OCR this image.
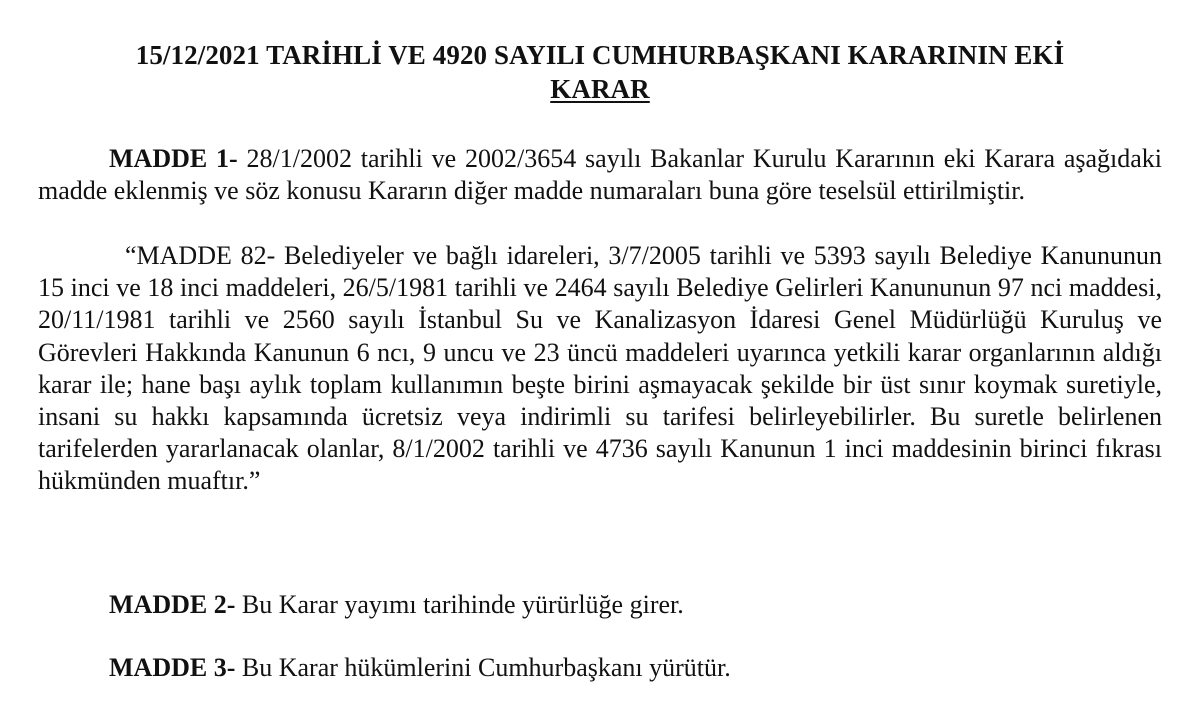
15/12/2021 TARİHLİ VE 4920 SAYILI CUMHURBAŞKANI KARARININ EKİ
KARAR

MADDE 1- 28/1/2002 tarihli ve 2002/3654 sayılı Bakanlar Kurulu Kararının eki Karara aşağıdaki madde eklenmiş ve söz konusu Kararın diğer madde numaraları buna göre teselsül ettirilmiştir.

“MADDE 82- Belediyeler ve bağlı idareleri, 3/7/2005 tarihli ve 5393 sayılı Belediye Kanununun 15 inci ve 18 inci maddeleri, 26/5/1981 tarihli ve 2464 sayılı Belediye Gelirleri Kanununun 97 nci maddesi, 20/11/1981 tarihli ve 2560 sayılı İstanbul Su ve Kanalizasyon İdaresi Genel Müdürlüğü Kuruluş ve Görevleri Hakkında Kanunun 6 ncı, 9 uncu ve 23 üncü maddeleri uyarınca yetkili karar organlarının aldığı karar ile; hane başı aylık toplam kullanımın beşte birini aşmayacak şekilde bir üst sınır koymak suretiyle, insani su hakkı kapsamında ücretsiz veya indirimli su tarifesi belirleyebilirler. Bu suretle belirlenen tarifelerden yararlanacak olanlar, 8/1/2002 tarihli ve 4736 sayılı Kanunun 1 inci maddesinin birinci fıkrası hükmünden muaftır.”

MADDE 2- Bu Karar yayımı tarihinde yürürlüğe girer.

MADDE 3- Bu Karar hükümlerini Cumhurbaşkanı yürütür.
